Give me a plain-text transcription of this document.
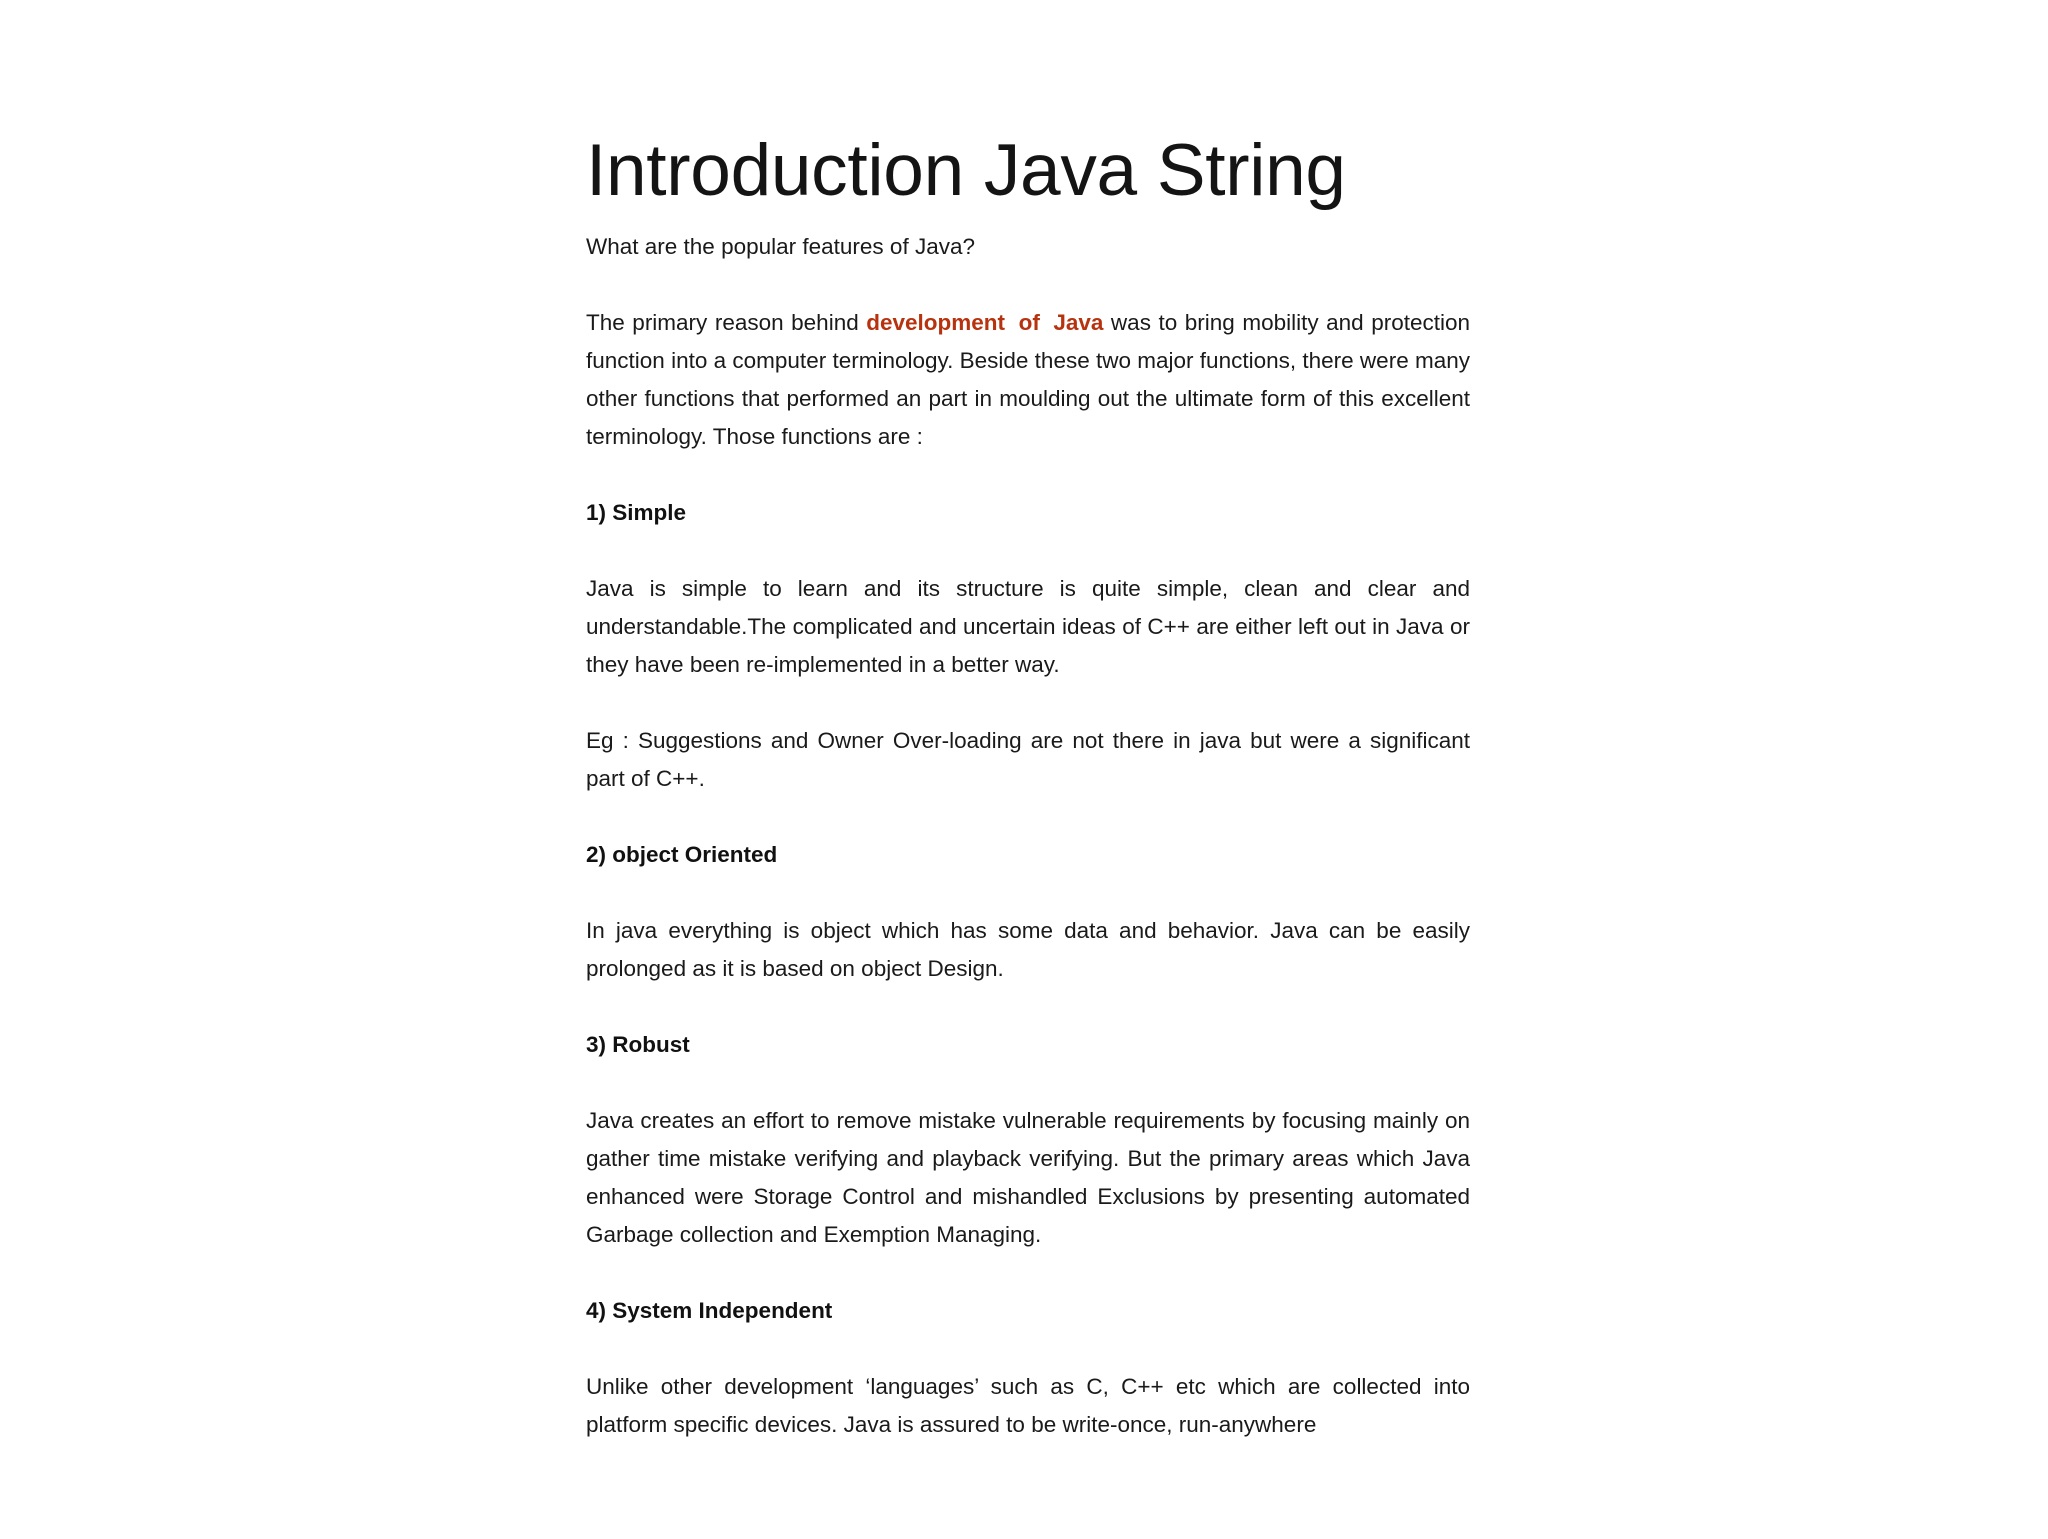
Introduction Java String

What are the popular features of Java?

The primary reason behind development of Java was to bring mobility and protection function into a computer terminology. Beside these two major functions, there were many other functions that performed an part in moulding out the ultimate form of this excellent terminology. Those functions are :

1) Simple

Java is simple to learn and its structure is quite simple, clean and clear and understandable.The complicated and uncertain ideas of C++ are either left out in Java or they have been re-implemented in a better way.

Eg : Suggestions and Owner Over-loading are not there in java but were a significant part of C++.

2) object Oriented

In java everything is object which has some data and behavior. Java can be easily prolonged as it is based on object Design.

3) Robust

Java creates an effort to remove mistake vulnerable requirements by focusing mainly on gather time mistake verifying and playback verifying. But the primary areas which Java enhanced were Storage Control and mishandled Exclusions by presenting automated Garbage collection and Exemption Managing.

4) System Independent

Unlike other development ‘languages’ such as C, C++ etc which are collected into platform specific devices. Java is assured to be write-once, run-anywhere
